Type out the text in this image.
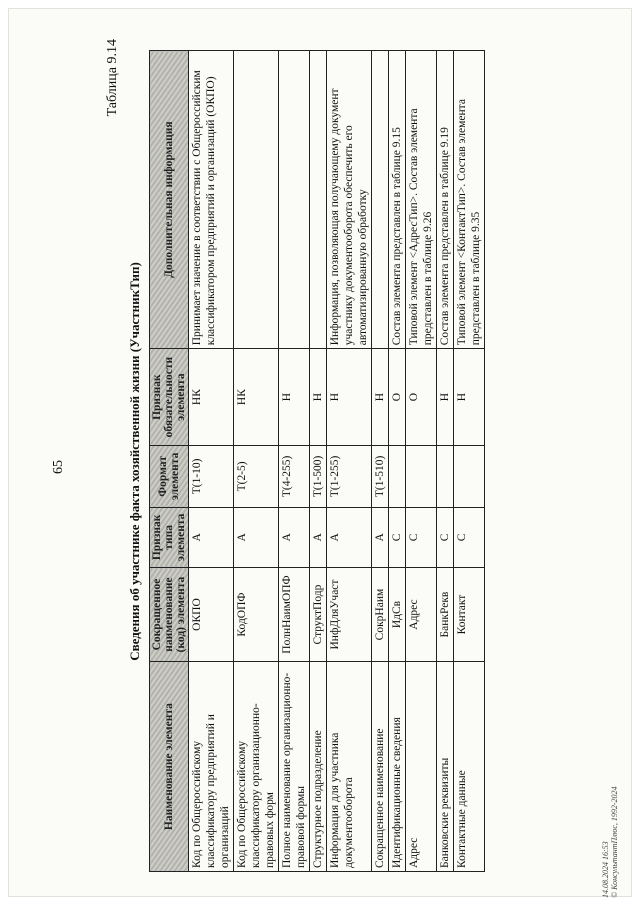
65
Таблица 9.14
Сведения об участнике факта хозяйственной жизни (УчастникТип)
Наименование элемента	Сокращенное наименование (код) элемента	Признак типа элемента	Формат элемента	Признак обязательности элемента	Дополнительная информация
Код по Общероссийскому классификатору предприятий и организаций	ОКПО	А	T(1-10)	НК	Принимает значение в соответствии с Общероссийским классификатором предприятий и организаций (ОКПО)
Код по Общероссийскому классификатору организационно-правовых форм	КодОПФ	А	T(2-5)	НК	
Полное наименование организационно-правовой формы	ПолнНаимОПФ	А	T(4-255)	Н	
Структурное подразделение	СтруктПодр	А	T(1-500)	Н	
Информация для участника документооборота	ИнфДляУчаст	А	T(1-255)	Н	Информация, позволяющая получающему документ участнику документооборота обеспечить его автоматизированную обработку
Сокращенное наименование	СокрНаим	А	T(1-510)	Н	
Идентификационные сведения	ИдСв	С		О	Состав элемента представлен в таблице 9.15
Адрес	Адрес	С		О	Типовой элемент <АдресТип>. Состав элемента представлен в таблице 9.26
Банковские реквизиты	БанкРекв	С		Н	Состав элемента представлен в таблице 9.19
Контактные данные	Контакт	С		Н	Типовой элемент <КонтактТип>. Состав элемента представлен в таблице 9.35
14.08.2024 16:53 © КонсультантПлюс, 1992-2024
